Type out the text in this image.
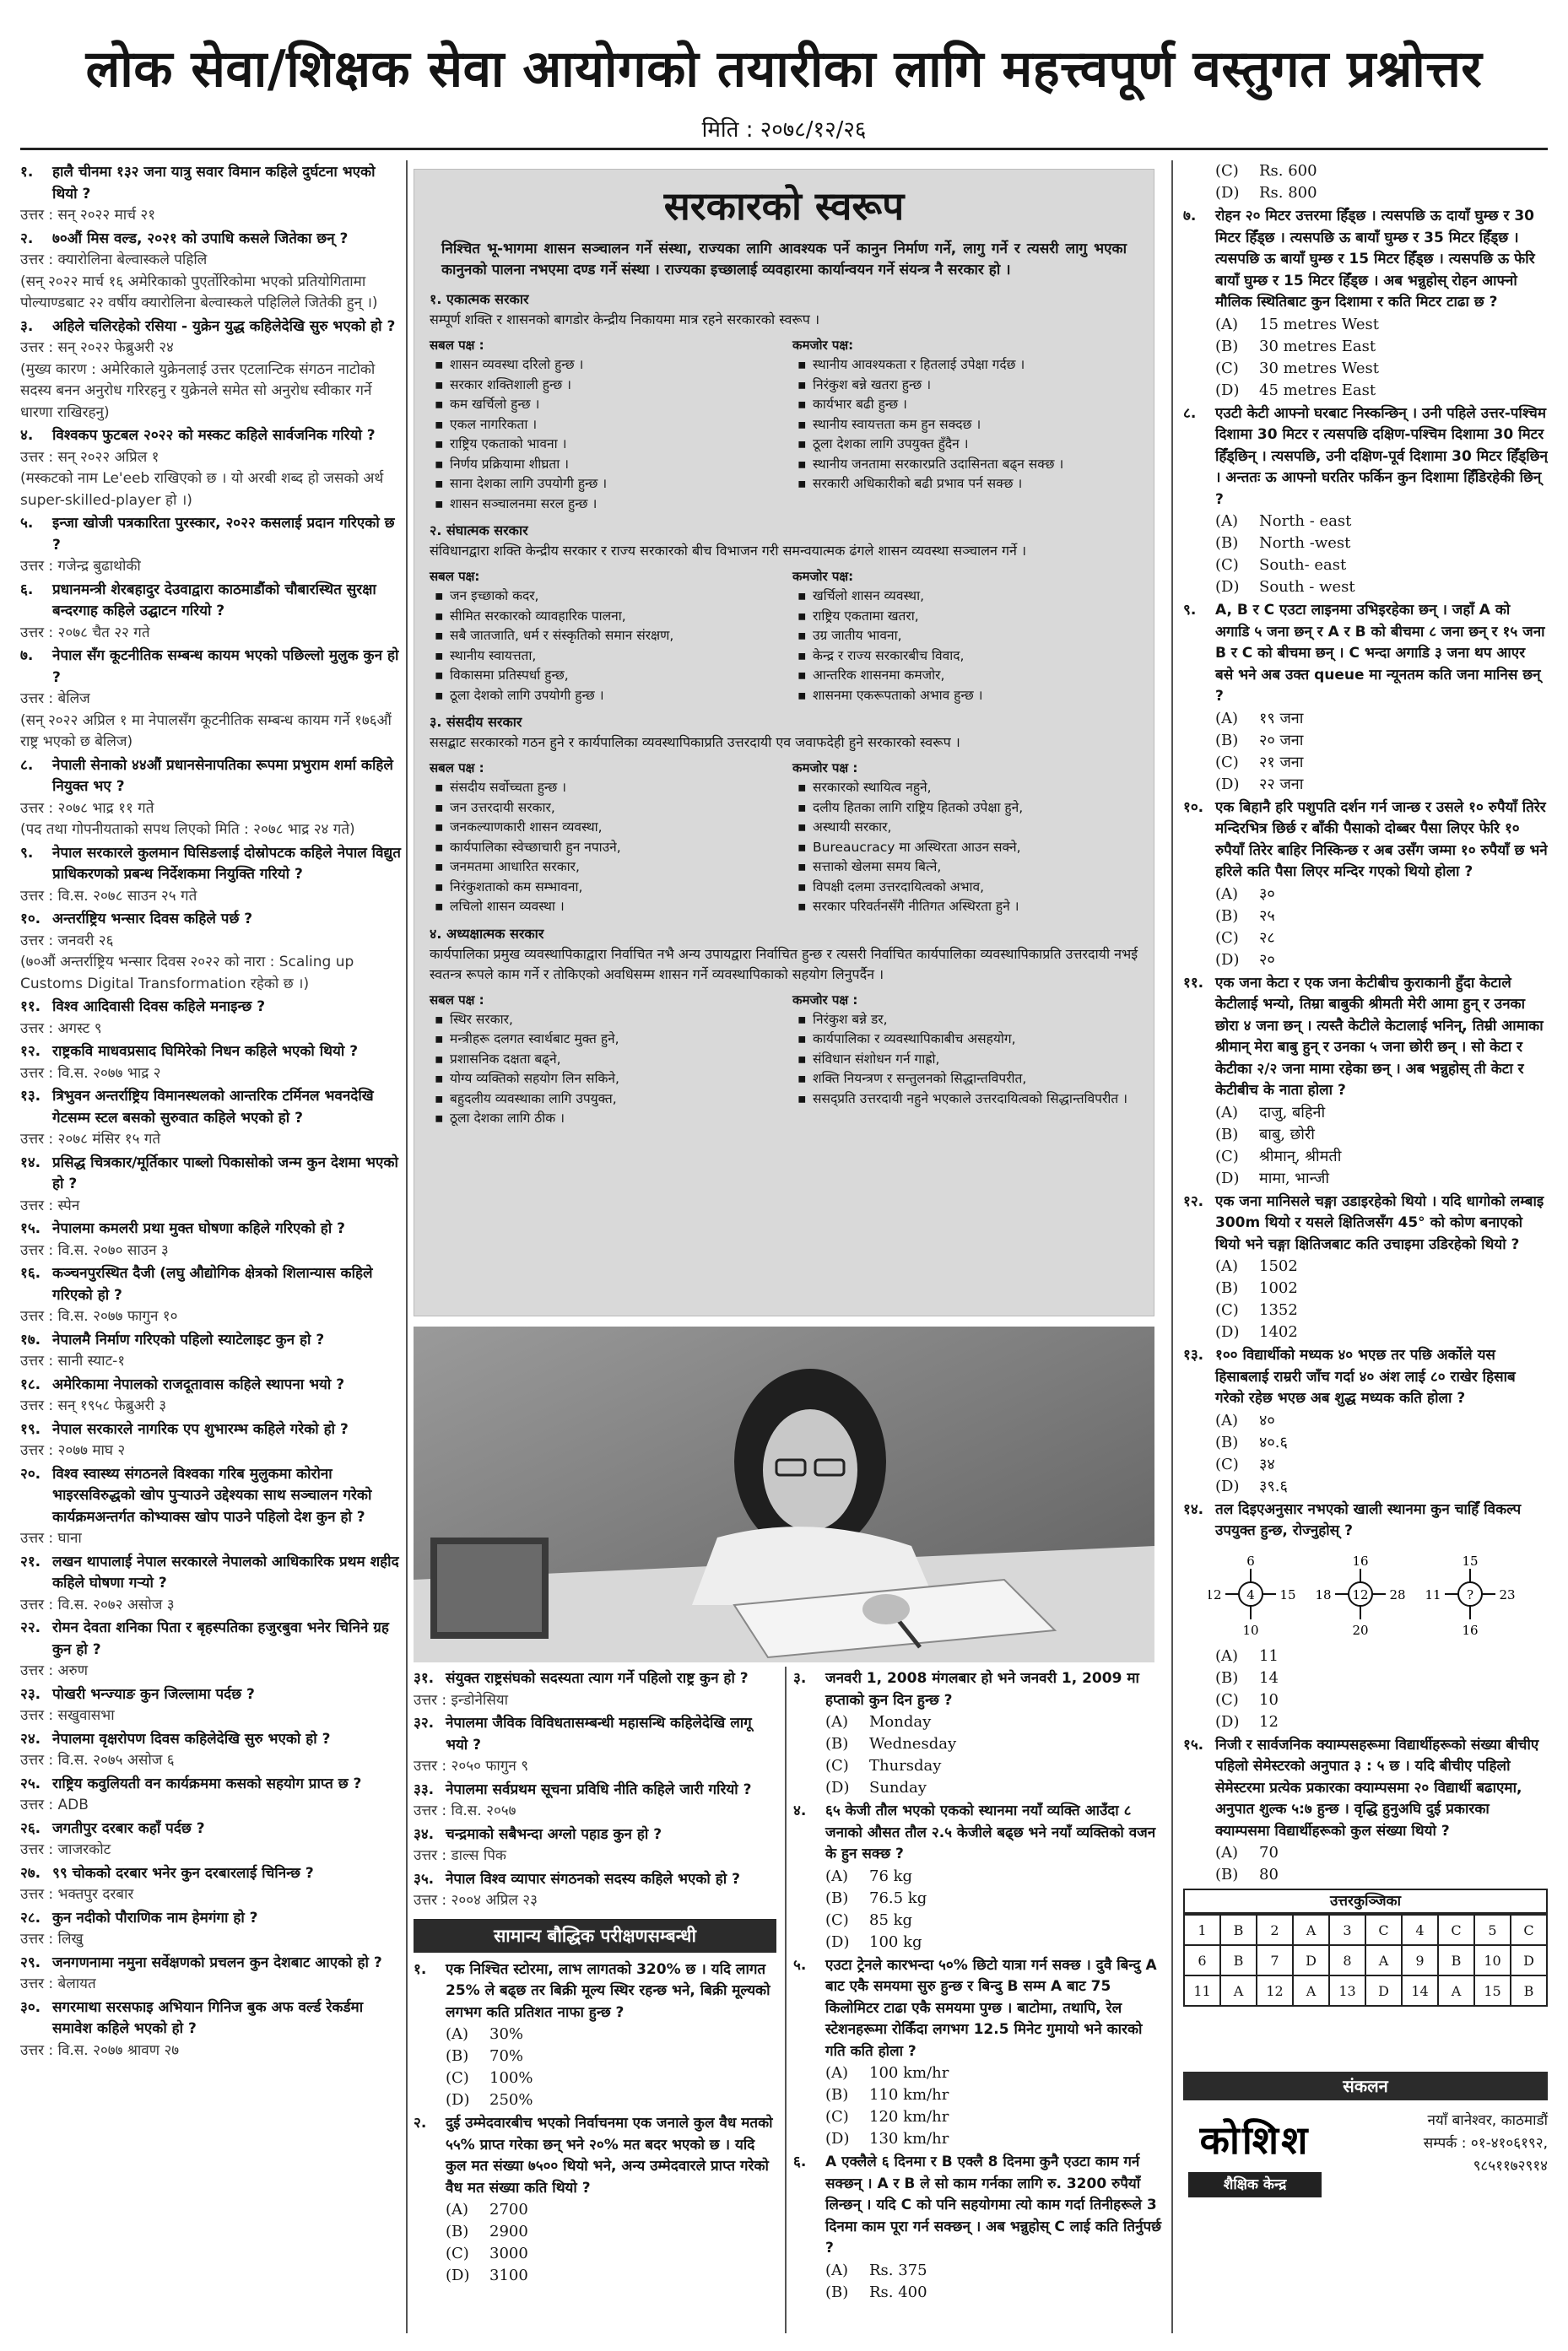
लोक सेवा/शिक्षक सेवा आयोगको तयारीका लागि महत्त्वपूर्ण वस्तुगत प्रश्नोत्तर
मिति : २०७८/१२/२६
१.	हालै चीनमा १३२ जना यात्रु सवार विमान कहिले दुर्घटना भएको थियो ?
उत्तर : सन् २०२२ मार्च २१
२.	७०औं मिस वल्ड, २०२१ को उपाधि कसले जितेका छन् ?
उत्तर : क्यारोलिना बेल्वास्कले पहिलि
(सन् २०२२ मार्च १६ अमेरिकाको पुएर्तोरिकोमा भएको प्रतियोगितामा पोल्याण्डबाट २२ वर्षीय क्यारोलिना बेल्वास्कले पहिलिले जितेकी हुन् ।)
३.	अहिले चलिरहेको रसिया - युक्रेन युद्ध कहिलेदेखि सुरु भएको हो ?
उत्तर : सन् २०२२ फेब्रुअरी २४
(मुख्य कारण : अमेरिकाले युक्रेनलाई उत्तर एटलान्टिक संगठन नाटोको सदस्य बनन अनुरोध गरिरहनु र युक्रेनले समेत सो अनुरोध स्वीकार गर्ने धारणा राखिरहनु)
४.	विश्वकप फुटबल २०२२ को मस्कट कहिले सार्वजनिक गरियो ?
उत्तर : सन् २०२२ अप्रिल १
(मस्कटको नाम Le'eeb राखिएको छ । यो अरबी शब्द हो जसको अर्थ super-skilled-player हो ।)
५.	इन्जा खोजी पत्रकारिता पुरस्कार, २०२२ कसलाई प्रदान गरिएको छ ?
उत्तर : गजेन्द्र बुढाथोकी
६.	प्रधानमन्त्री शेरबहादुर देउवाद्वारा काठमाडौंको चौबारस्थित सुरक्षा बन्दरगाह कहिले उद्घाटन गरियो ?
उत्तर : २०७८ चैत २२ गते
७.	नेपाल सँग कूटनीतिक सम्बन्ध कायम भएको पछिल्लो मुलुक कुन हो ?
उत्तर : बेलिज
(सन् २०२२ अप्रिल १ मा नेपालसँग कूटनीतिक सम्बन्ध कायम गर्ने १७६औं राष्ट्र भएको छ बेलिज)
८.	नेपाली सेनाको ४४औं प्रधानसेनापतिका रूपमा प्रभुराम शर्मा कहिले नियुक्त भए ?
उत्तर : २०७८ भाद्र ११ गते
(पद तथा गोपनीयताको सपथ लिएको मिति : २०७८ भाद्र २४ गते)
९.	नेपाल सरकारले कुलमान घिसिङलाई दोस्रोपटक कहिले नेपाल विद्युत प्राधिकरणको प्रबन्ध निर्देशकमा नियुक्ति गरियो ?
उत्तर : वि.स. २०७८ साउन २५ गते
१०. अन्तर्राष्ट्रिय भन्सार दिवस कहिले पर्छ ?
उत्तर : जनवरी २६
(७०औं अन्तर्राष्ट्रिय भन्सार दिवस २०२२ को नारा : Scaling up Customs Digital Transformation रहेको छ ।)
११. विश्व आदिवासी दिवस कहिले मनाइन्छ ?
उत्तर : अगस्ट ९
१२. राष्ट्रकवि माधवप्रसाद घिमिरेको निधन कहिले भएको थियो ?
उत्तर : वि.स. २०७७ भाद्र २
१३. त्रिभुवन अन्तर्राष्ट्रिय विमानस्थलको आन्तरिक टर्मिनल भवनदेखि गेटसम्म स्टल बसको सुरुवात कहिले भएको हो ?
उत्तर : २०७८ मंसिर १५ गते
१४. प्रसिद्ध चित्रकार/मूर्तिकार पाब्लो पिकासोको जन्म कुन देशमा भएको हो ?
उत्तर : स्पेन
१५. नेपालमा कमलरी प्रथा मुक्त घोषणा कहिले गरिएको हो ?
उत्तर : वि.स. २०७० साउन ३
१६. कञ्चनपुरस्थित दैजी (लघु औद्योगिक क्षेत्रको शिलान्यास कहिले गरिएको हो ?
उत्तर : वि.स. २०७७ फागुन १०
१७. नेपालमै निर्माण गरिएको पहिलो स्याटेलाइट कुन हो ?
उत्तर : सानी स्याट-१
१८. अमेरिकामा नेपालको राजदूतावास कहिले स्थापना भयो ?
उत्तर : सन् १९५८ फेब्रुअरी ३
१९. नेपाल सरकारले नागरिक एप शुभारम्भ कहिले गरेको हो ?
उत्तर : २०७७ माघ २
२०. विश्व स्वास्थ्य संगठनले विश्वका गरिब मुलुकमा कोरोना भाइरसविरुद्धको खोप पुऱ्याउने उद्देश्यका साथ सञ्चालन गरेको कार्यक्रमअन्तर्गत कोभ्याक्स खोप पाउने पहिलो देश कुन हो ?
उत्तर : घाना
२१. लखन थापालाई नेपाल सरकारले नेपालको आधिकारिक प्रथम शहीद कहिले घोषणा गर्‍यो ?
उत्तर : वि.स. २०७२ असोज ३
२२. रोमन देवता शनिका पिता र बृहस्पतिका हजुरबुवा भनेर चिनिने ग्रह कुन हो ?
उत्तर : अरुण
२३. पोखरी भन्ज्याङ कुन जिल्लामा पर्दछ ?
उत्तर : सखुवासभा
२४. नेपालमा वृक्षरोपण दिवस कहिलेदेखि सुरु भएको हो ?
उत्तर : वि.स. २०७५ असोज ६
२५. राष्ट्रिय कवुलियती वन कार्यक्रममा कसको सहयोग प्राप्त छ ?
उत्तर : ADB
२६. जगतीपुर दरबार कहाँ पर्दछ ?
उत्तर : जाजरकोट
२७. ९९ चोकको दरबार भनेर कुन दरबारलाई चिनिन्छ ?
उत्तर : भक्तपुर दरबार
२८. कुन नदीको पौराणिक नाम हेमगंगा हो ?
उत्तर : लिखु
२९. जनगणनामा नमुना सर्वेक्षणको प्रचलन कुन देशबाट आएको हो ?
उत्तर : बेलायत
३०. सगरमाथा सरसफाइ अभियान गिनिज बुक अफ वर्ल्ड रेकर्डमा समावेश कहिले भएको हो ?
उत्तर : वि.स. २०७७ श्रावण २७
सरकारको स्वरूप
निश्चित भू-भागमा शासन सञ्चालन गर्ने संस्था, राज्यका लागि आवश्यक पर्ने कानुन निर्माण गर्ने, लागु गर्ने र त्यसरी लागु भएका कानुनको पालना नभएमा दण्ड गर्ने संस्था । राज्यका इच्छालाई व्यवहारमा कार्यान्वयन गर्ने संयन्त्र नै सरकार हो ।
१. एकात्मक सरकार

सम्पूर्ण शक्ति र शासनको बागडोर केन्द्रीय निकायमा मात्र रहने सरकारको स्वरूप ।

सबल पक्ष :
▪ शासन व्यवस्था दरिलो हुन्छ ।
▪ सरकार शक्तिशाली हुन्छ ।
▪ कम खर्चिलो हुन्छ ।
▪ एकल नागरिकता ।
▪ राष्ट्रिय एकताको भावना ।
▪ निर्णय प्रक्रियामा शीघ्रता ।
▪ साना देशका लागि उपयोगी हुन्छ ।
▪ शासन सञ्चालनमा सरल हुन्छ ।
कमजोर पक्ष:
▪ स्थानीय आवश्यकता र हितलाई उपेक्षा गर्दछ ।
▪ निरंकुश बन्ने खतरा हुन्छ ।
▪ कार्यभार बढी हुन्छ ।
▪ स्थानीय स्वायत्तता कम हुन सक्दछ ।
▪ ठूला देशका लागि उपयुक्त हुँदैन ।
▪ स्थानीय जनतामा सरकारप्रति उदासिनता बढ्न सक्छ ।
▪ सरकारी अधिकारीको बढी प्रभाव पर्न सक्छ ।
२. संघात्मक सरकार

संविधानद्वारा शक्ति केन्द्रीय सरकार र राज्य सरकारको बीच विभाजन गरी समन्वयात्मक ढंगले शासन व्यवस्था सञ्चालन गर्ने ।

सबल पक्ष:
▪ जन इच्छाको कदर,
▪ सीमित सरकारको व्यावहारिक पालना,
▪ सबै जातजाति, धर्म र संस्कृतिको समान संरक्षण,
▪ स्थानीय स्वायत्तता,
▪ विकासमा प्रतिस्पर्धा हुन्छ,
▪ ठूला देशको लागि उपयोगी हुन्छ ।
कमजोर पक्ष:
▪ खर्चिलो शासन व्यवस्था,
▪ राष्ट्रिय एकतामा खतरा,
▪ उग्र जातीय भावना,
▪ केन्द्र र राज्य सरकारबीच विवाद,
▪ आन्तरिक शासनमा कमजोर,
▪ शासनमा एकरूपताको अभाव हुन्छ ।
३. संसदीय सरकार

ससद्बाट सरकारको गठन हुने र कार्यपालिका व्यवस्थापिकाप्रति उत्तरदायी एव जवाफदेही हुने सरकारको स्वरूप ।

सबल पक्ष :
▪ संसदीय सर्वोच्चता हुन्छ ।
▪ जन उत्तरदायी सरकार,
▪ जनकल्याणकारी शासन व्यवस्था,
▪ कार्यपालिका स्वेच्छाचारी हुन नपाउने,
▪ जनमतमा आधारित सरकार,
▪ निरंकुशताको कम सम्भावना,
▪ लचिलो शासन व्यवस्था ।
कमजोर पक्ष :
▪ सरकारको स्थायित्व नहुने,
▪ दलीय हितका लागि राष्ट्रिय हितको उपेक्षा हुने,
▪ अस्थायी सरकार,
▪ Bureaucracy मा अस्थिरता आउन सक्ने,
▪ सत्ताको खेलमा समय बित्ने,
▪ विपक्षी दलमा उत्तरदायित्वको अभाव,
▪ सरकार परिवर्तनसँगै नीतिगत अस्थिरता हुने ।
४. अध्यक्षात्मक सरकार

कार्यपालिका प्रमुख व्यवस्थापिकाद्वारा निर्वाचित नभै अन्य उपायद्वारा निर्वाचित हुन्छ र त्यसरी निर्वाचित कार्यपालिका व्यवस्थापिकाप्रति उत्तरदायी नभई स्वतन्त्र रूपले काम गर्ने र तोकिएको अवधिसम्म शासन गर्ने व्यवस्थापिकाको सहयोग लिनुपर्दैन ।

सबल पक्ष :
▪ स्थिर सरकार,
▪ मन्त्रीहरू दलगत स्वार्थबाट मुक्त हुने,
▪ प्रशासनिक दक्षता बढ्ने,
▪ योग्य व्यक्तिको सहयोग लिन सकिने,
▪ बहुदलीय व्यवस्थाका लागि उपयुक्त,
▪ ठूला देशका लागि ठीक ।
कमजोर पक्ष :
▪ निरंकुश बन्ने डर,
▪ कार्यपालिका र व्यवस्थापिकाबीच असहयोग,
▪ संविधान संशोधन गर्न गाह्रो,
▪ शक्ति नियन्त्रण र सन्तुलनको सिद्धान्तविपरीत,
▪ ससद्प्रति उत्तरदायी नहुने भएकाले उत्तरदायित्वको सिद्धान्तविपरीत ।
३१. संयुक्त राष्ट्रसंघको सदस्यता त्याग गर्ने पहिलो राष्ट्र कुन हो ?
उत्तर : इन्डोनेसिया
३२. नेपालमा जैविक विविधतासम्बन्धी महासन्धि कहिलेदेखि लागू भयो ?
उत्तर : २०५० फागुन ९
३३. नेपालमा सर्वप्रथम सूचना प्रविधि नीति कहिले जारी गरियो ?
उत्तर : वि.स. २०५७
३४. चन्द्रमाको सबैभन्दा अग्लो पहाड कुन हो ?
उत्तर : डाल्स पिक
३५. नेपाल विश्व व्यापार संगठनको सदस्य कहिले भएको हो ?
उत्तर : २००४ अप्रिल २३
सामान्य बौद्धिक परीक्षणसम्बन्धी
१.	एक निश्चित स्टोरमा, लाभ लागतको 320% छ । यदि लागत 25% ले बढ्छ तर बिक्री मूल्य स्थिर रहन्छ भने, बिक्री मूल्यको लगभग कति प्रतिशत नाफा हुन्छ ?
(A)	30%
(B)	70%
(C)	100%
(D)	250%
२.	दुई उम्मेदवारबीच भएको निर्वाचनमा एक जनाले कुल वैध मतको ५५% प्राप्त गरेका छन् भने २०% मत बदर भएको छ । यदि कुल मत संख्या ७५०० थियो भने, अन्य उम्मेदवारले प्राप्त गरेको वैध मत संख्या कति थियो ?
(A)	2700
(B)	2900
(C)	3000
(D)	3100
३.	जनवरी 1, 2008 मंगलबार हो भने जनवरी 1, 2009 मा हप्ताको कुन दिन हुन्छ ?
(A)	Monday
(B)	Wednesday
(C)	Thursday
(D)	Sunday
४.	६५ केजी तौल भएको एकको स्थानमा नयाँ व्यक्ति आउँदा ८ जनाको औसत तौल २.५ केजीले बढ्छ भने नयाँ व्यक्तिको वजन के हुन सक्छ ?
(A)	76 kg
(B)	76.5 kg
(C)	85 kg
(D)	100 kg
५.	एउटा ट्रेनले कारभन्दा ५०% छिटो यात्रा गर्न सक्छ । दुवै बिन्दु A बाट एकै समयमा सुरु हुन्छ र बिन्दु B सम्म A बाट 75 किलोमिटर टाढा एकै समयमा पुग्छ । बाटोमा, तथापि, रेल स्टेशनहरूमा रोकिँदा लगभग 12.5 मिनेट गुमायो भने कारको गति कति होला ?
(A)	100 km/hr
(B)	110 km/hr
(C)	120 km/hr
(D)	130 km/hr
६.	A एक्लैले ६ दिनमा र B एक्लै 8 दिनमा कुनै एउटा काम गर्न सक्छन् । A र B ले सो काम गर्नका लागि रु. 3200 रुपैयाँ लिन्छन् । यदि C को पनि सहयोगमा त्यो काम गर्दा तिनीहरूले 3 दिनमा काम पूरा गर्न सक्छन् । अब भन्नुहोस् C लाई कति तिर्नुपर्छ ?
(A)	Rs. 375
(B)	Rs. 400
(C)	Rs. 600
(D)	Rs. 800
७.	रोहन २० मिटर उत्तरमा हिँड्छ । त्यसपछि ऊ दायाँ घुम्छ र 30 मिटर हिँड्छ । त्यसपछि ऊ बायाँ घुम्छ र 35 मिटर हिँड्छ । त्यसपछि ऊ बायाँ घुम्छ र 15 मिटर हिँड्छ । त्यसपछि ऊ फेरि बायाँ घुम्छ र 15 मिटर हिँड्छ । अब भन्नुहोस् रोहन आफ्नो मौलिक स्थितिबाट कुन दिशामा र कति मिटर टाढा छ ?
(A)	15 metres West
(B)	30 metres East
(C)	30 metres West
(D)	45 metres East
८.	एउटी केटी आफ्नो घरबाट निस्कन्छिन् । उनी पहिले उत्तर-पश्चिम दिशामा 30 मिटर र त्यसपछि दक्षिण-पश्चिम दिशामा 30 मिटर हिँड्छिन् । त्यसपछि, उनी दक्षिण-पूर्व दिशामा 30 मिटर हिँड्छिन् । अन्ततः ऊ आफ्नो घरतिर फर्किन कुन दिशामा हिँडिरहेकी छिन् ?
(A)	North - east
(B)	North -west
(C)	South- east
(D)	South - west
९.	A, B र C एउटा लाइनमा उभिइरहेका छन् । जहाँ A को अगाडि ५ जना छन् र A र B को बीचमा ८ जना छन् र १५ जना B र C को बीचमा छन् । C भन्दा अगाडि ३ जना थप आएर बसे भने अब उक्त queue मा न्यूनतम कति जना मानिस छन् ?
(A)	१९ जना
(B)	२० जना
(C)	२१ जना
(D)	२२ जना
१०. एक बिहानै हरि पशुपति दर्शन गर्न जान्छ र उसले १० रुपैयाँ तिरेर मन्दिरभित्र छिर्छ र बाँकी पैसाको दोब्बर पैसा लिएर फेरि १० रुपैयाँ तिरेर बाहिर निस्किन्छ र अब उसँग जम्मा १० रुपैयाँ छ भने हरिले कति पैसा लिएर मन्दिर गएको थियो होला ?
(A)	३०
(B)	२५
(C)	२८
(D)	२०
११. एक जना केटा र एक जना केटीबीच कुराकानी हुँदा केटाले केटीलाई भन्यो, तिम्रा बाबुकी श्रीमती मेरी आमा हुन् र उनका छोरा ४ जना छन् । त्यस्तै केटीले केटालाई भनिन्, तिम्री आमाका श्रीमान् मेरा बाबु हुन् र उनका ५ जना छोरी छन् । सो केटा र केटीका २/२ जना मामा रहेका छन् । अब भन्नुहोस् ती केटा र केटीबीच के नाता होला ?
(A)	दाजु, बहिनी
(B)	बाबु, छोरी
(C)	श्रीमान्, श्रीमती
(D)	मामा, भान्जी
१२. एक जना मानिसले चङ्गा उडाइरहेको थियो । यदि धागोको लम्बाइ 300m थियो र यसले क्षितिजसँग 45° को कोण बनाएको थियो भने चङ्गा क्षितिजबाट कति उचाइमा उडिरहेको थियो ?
(A)	1502
(B)	1002
(C)	1352
(D)	1402
१३. १०० विद्यार्थीको मध्यक ४० भएछ तर पछि अर्कोले यस हिसाबलाई राम्ररी जाँच गर्दा ४० अंश लाई ८० राखेर हिसाब गरेको रहेछ भएछ अब शुद्ध मध्यक कति होला ?
(A)	४०
(B)	४०.६
(C)	३४
(D)	३९.६
१४. तल दिइएअनुसार नभएको खाली स्थानमा कुन चाहिँ विकल्प उपयुक्त हुन्छ, रोज्नुहोस् ?
6
10
12	15
4
16
20
18	28
12
15
16
11	23
?
(A)	11
(B)	14
(C)	10
(D)	12
१५. निजी र सार्वजनिक क्याम्पसहरूमा विद्यार्थीहरूको संख्या बीचीए पहिलो सेमेस्टरको अनुपात ३ : ५ छ । यदि बीचीए पहिलो सेमेस्टरमा प्रत्येक प्रकारका क्याम्पसमा २० विद्यार्थी बढाएमा, अनुपात शुल्क ५:७ हुन्छ । वृद्धि हुनुअघि दुई प्रकारका क्याम्पसमा विद्यार्थीहरूको कुल संख्या थियो ?
(A)	70
(B)	80
उत्तरकुञ्जिका
1	B	2	A	3	C	4	C	5	C
6	B	7	D	8	A	9	B	10	D
11	A	12	A	13	D	14	A	15	B
संकलन
कोशिश
शैक्षिक केन्द्र
नयाँ बानेश्वर, काठमाडौं
सम्पर्क : ०१-४१०६१९२,
९८५११७२९१४
